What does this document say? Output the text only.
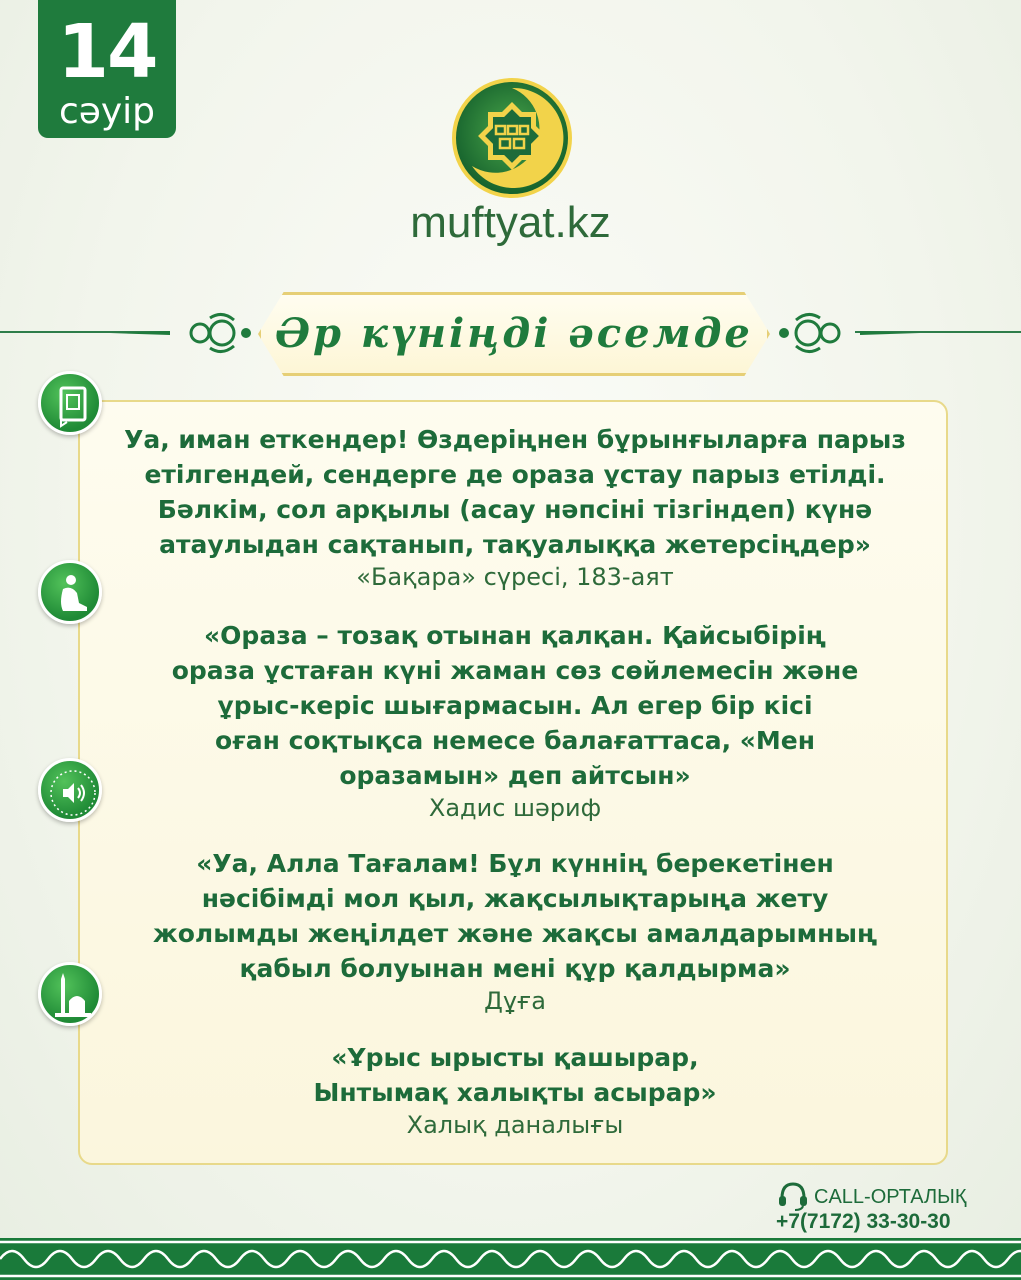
14
сәуір
muftyat.kz
Әр күніңді әсемде
Уа, иман еткендер! Өздеріңнен бұрынғыларға парыз
етілгендей, сендерге де ораза ұстау парыз етілді.
Бәлкім, сол арқылы (асау нәпсіні тізгіндеп) күнә
атаулыдан сақтанып, тақуалыққа жетерсіңдер»
«Бақара» сүресі, 183-аят
«Ораза – тозақ отынан қалқан. Қайсыбірің
ораза ұстаған күні жаман сөз сөйлемесін және
ұрыс-керіс шығармасын. Ал егер бір кісі
оған соқтықса немесе балағаттаса, «Мен
оразамын» деп айтсын»
Хадис шәриф
«Уа, Алла Тағалам! Бұл күннің берекетінен
нәсібімді мол қыл, жақсылықтарыңа жету
жолымды жеңілдет және жақсы амалдарымның
қабыл болуынан мені құр қалдырма»
Дұға
«Ұрыс ырысты қашырар,
Ынтымақ халықты асырар»
Халық даналығы
CALL-ОРТАЛЫҚ
+7(7172) 33-30-30
